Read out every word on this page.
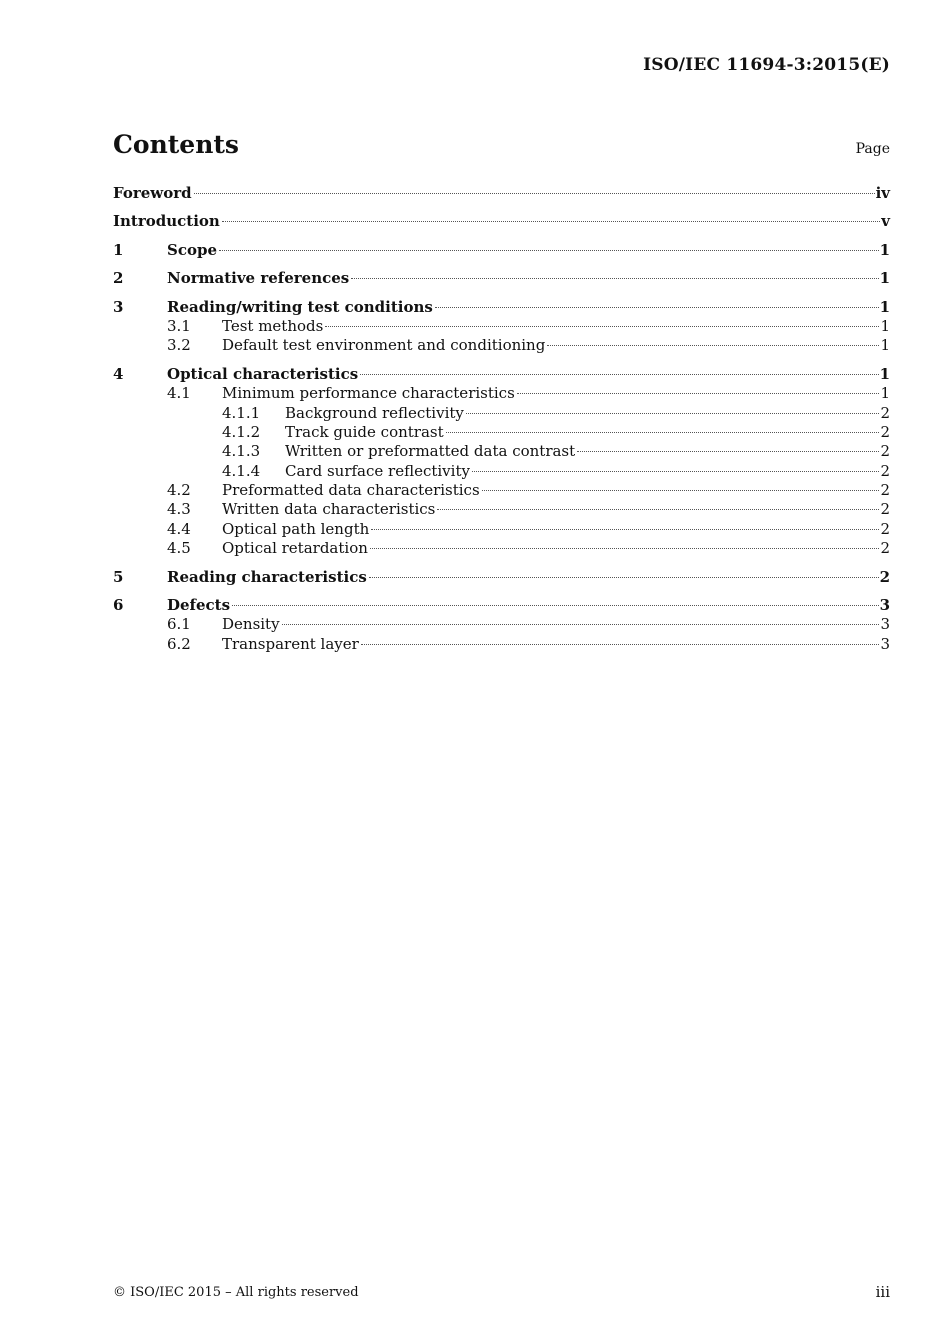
ISO/IEC 11694-3:2015(E)
Contents	Page
Foreword	iv
Introduction	v
1	Scope	1
2	Normative references	1
3	Reading/writing test conditions	1
3.1	Test methods	1
3.2	Default test environment and conditioning	1
4	Optical characteristics	1
4.1	Minimum performance characteristics	1
4.1.1	Background reflectivity	2
4.1.2	Track guide contrast	2
4.1.3	Written or preformatted data contrast	2
4.1.4	Card surface reflectivity	2
4.2	Preformatted data characteristics	2
4.3	Written data characteristics	2
4.4	Optical path length	2
4.5	Optical retardation	2
5	Reading characteristics	2
6	Defects	3
6.1	Density	3
6.2	Transparent layer	3
© ISO/IEC 2015 – All rights reserved	iii
